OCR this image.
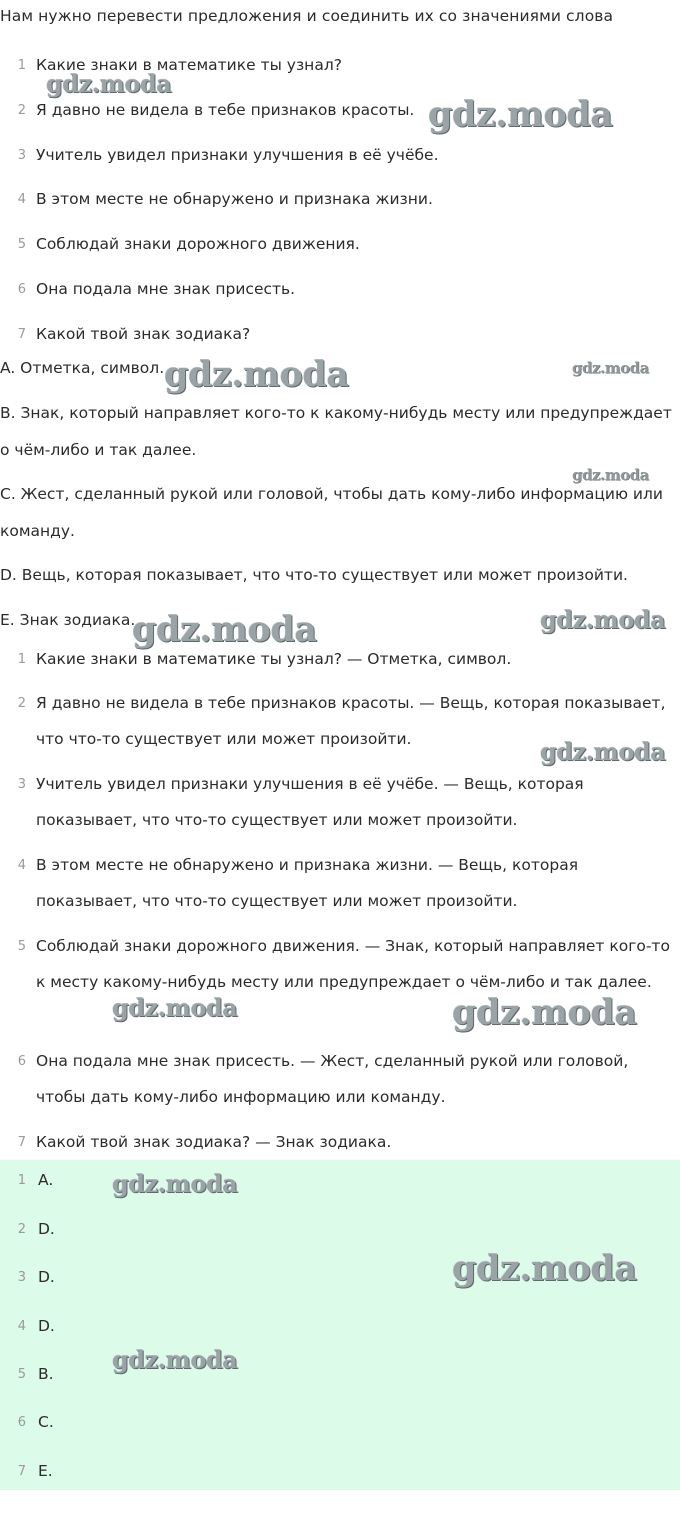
Нам нужно перевести предложения и соединить их со значениями слова
1 Какие знаки в математике ты узнал?
2 Я давно не видела в тебе признаков красоты.
3 Учитель увидел признаки улучшения в её учёбе.
4 В этом месте не обнаружено и признака жизни.
5 Соблюдай знаки дорожного движения.
6 Она подала мне знак присесть.
7 Какой твой знак зодиака?
A. Отметка, символ.
B. Знак, который направляет кого-то к какому-нибудь месту или предупреждает о чём-либо и так далее.
C. Жест, сделанный рукой или головой, чтобы дать кому-либо информацию или команду.
D. Вещь, которая показывает, что что-то существует или может произойти.
E. Знак зодиака.
1 Какие знаки в математике ты узнал? — Отметка, символ.
2 Я давно не видела в тебе признаков красоты. — Вещь, которая показывает, что что-то существует или может произойти.
3 Учитель увидел признаки улучшения в её учёбе. — Вещь, которая показывает, что что-то существует или может произойти.
4 В этом месте не обнаружено и признака жизни. — Вещь, которая показывает, что что-то существует или может произойти.
5 Соблюдай знаки дорожного движения. — Знак, который направляет кого-то к месту какому-нибудь месту или предупреждает о чём-либо и так далее.
6 Она подала мне знак присесть. — Жест, сделанный рукой или головой, чтобы дать кому-либо информацию или команду.
7 Какой твой знак зодиака? — Знак зодиака.
1 A.
2 D.
3 D.
4 D.
5 B.
6 C.
7 E.
gdz.moda
gdz.moda
gdz.moda	gdz.moda
gdz.moda
gdz.moda	gdz.moda
gdz.moda
gdz.moda	gdz.moda
gdz.moda
gdz.moda
gdz.moda
